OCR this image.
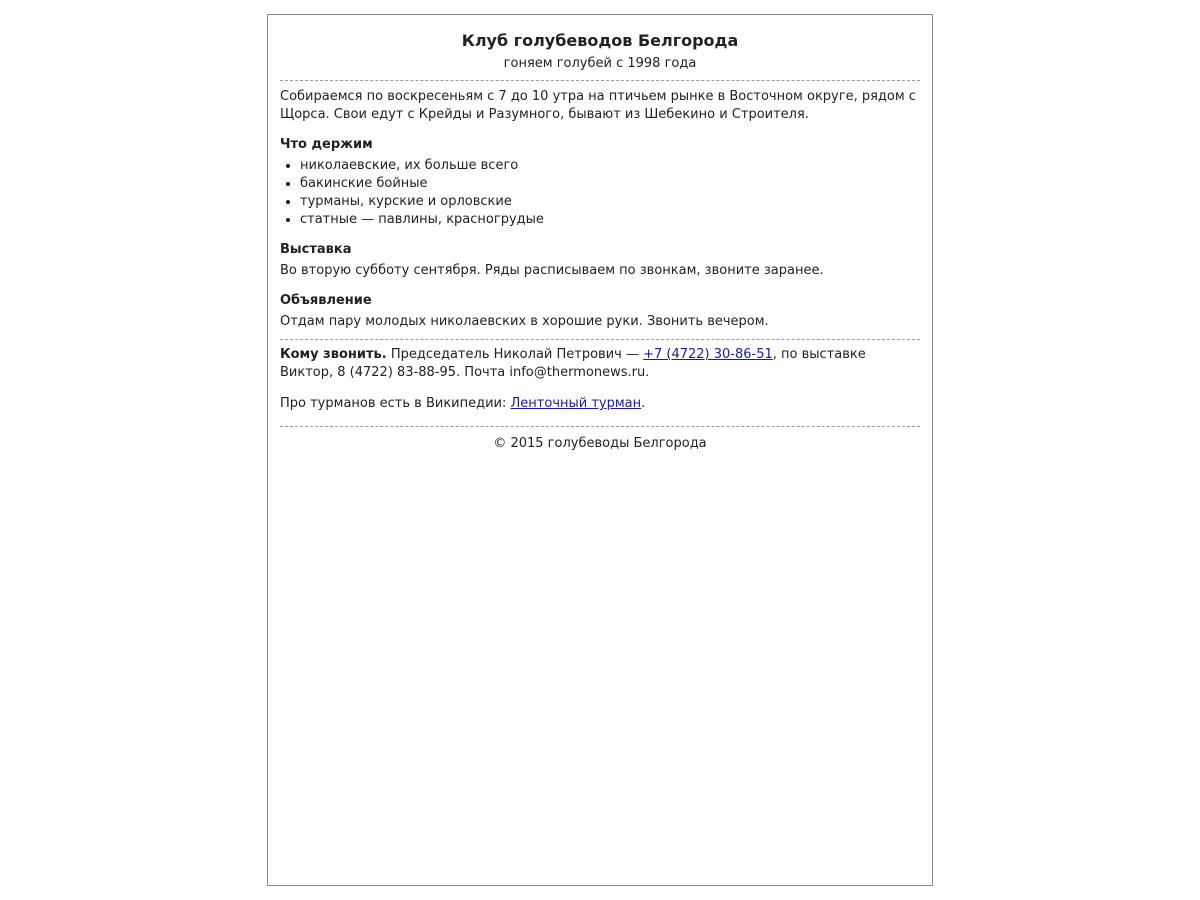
Клуб голубеводов Белгорода
гоняем голубей с 1998 года

Собираемся по воскресеньям с 7 до 10 утра на птичьем рынке в Восточном округе, рядом с Щорса. Свои едут с Крейды и Разумного, бывают из Шебекино и Строителя.

Что держим
• николаевские, их больше всего
• бакинские бойные
• турманы, курские и орловские
• статные — павлины, красногрудые
Выставка

Во вторую субботу сентября. Ряды расписываем по звонкам, звоните заранее.

Объявление

Отдам пару молодых николаевских в хорошие руки. Звонить вечером.

Кому звонить. Председатель Николай Петрович — +7 (4722) 30-86-51, по выставке Виктор, 8 (4722) 83-88-95. Почта info@thermonews.ru.

Про турманов есть в Википедии: Ленточный турман.

© 2015 голубеводы Белгорода
